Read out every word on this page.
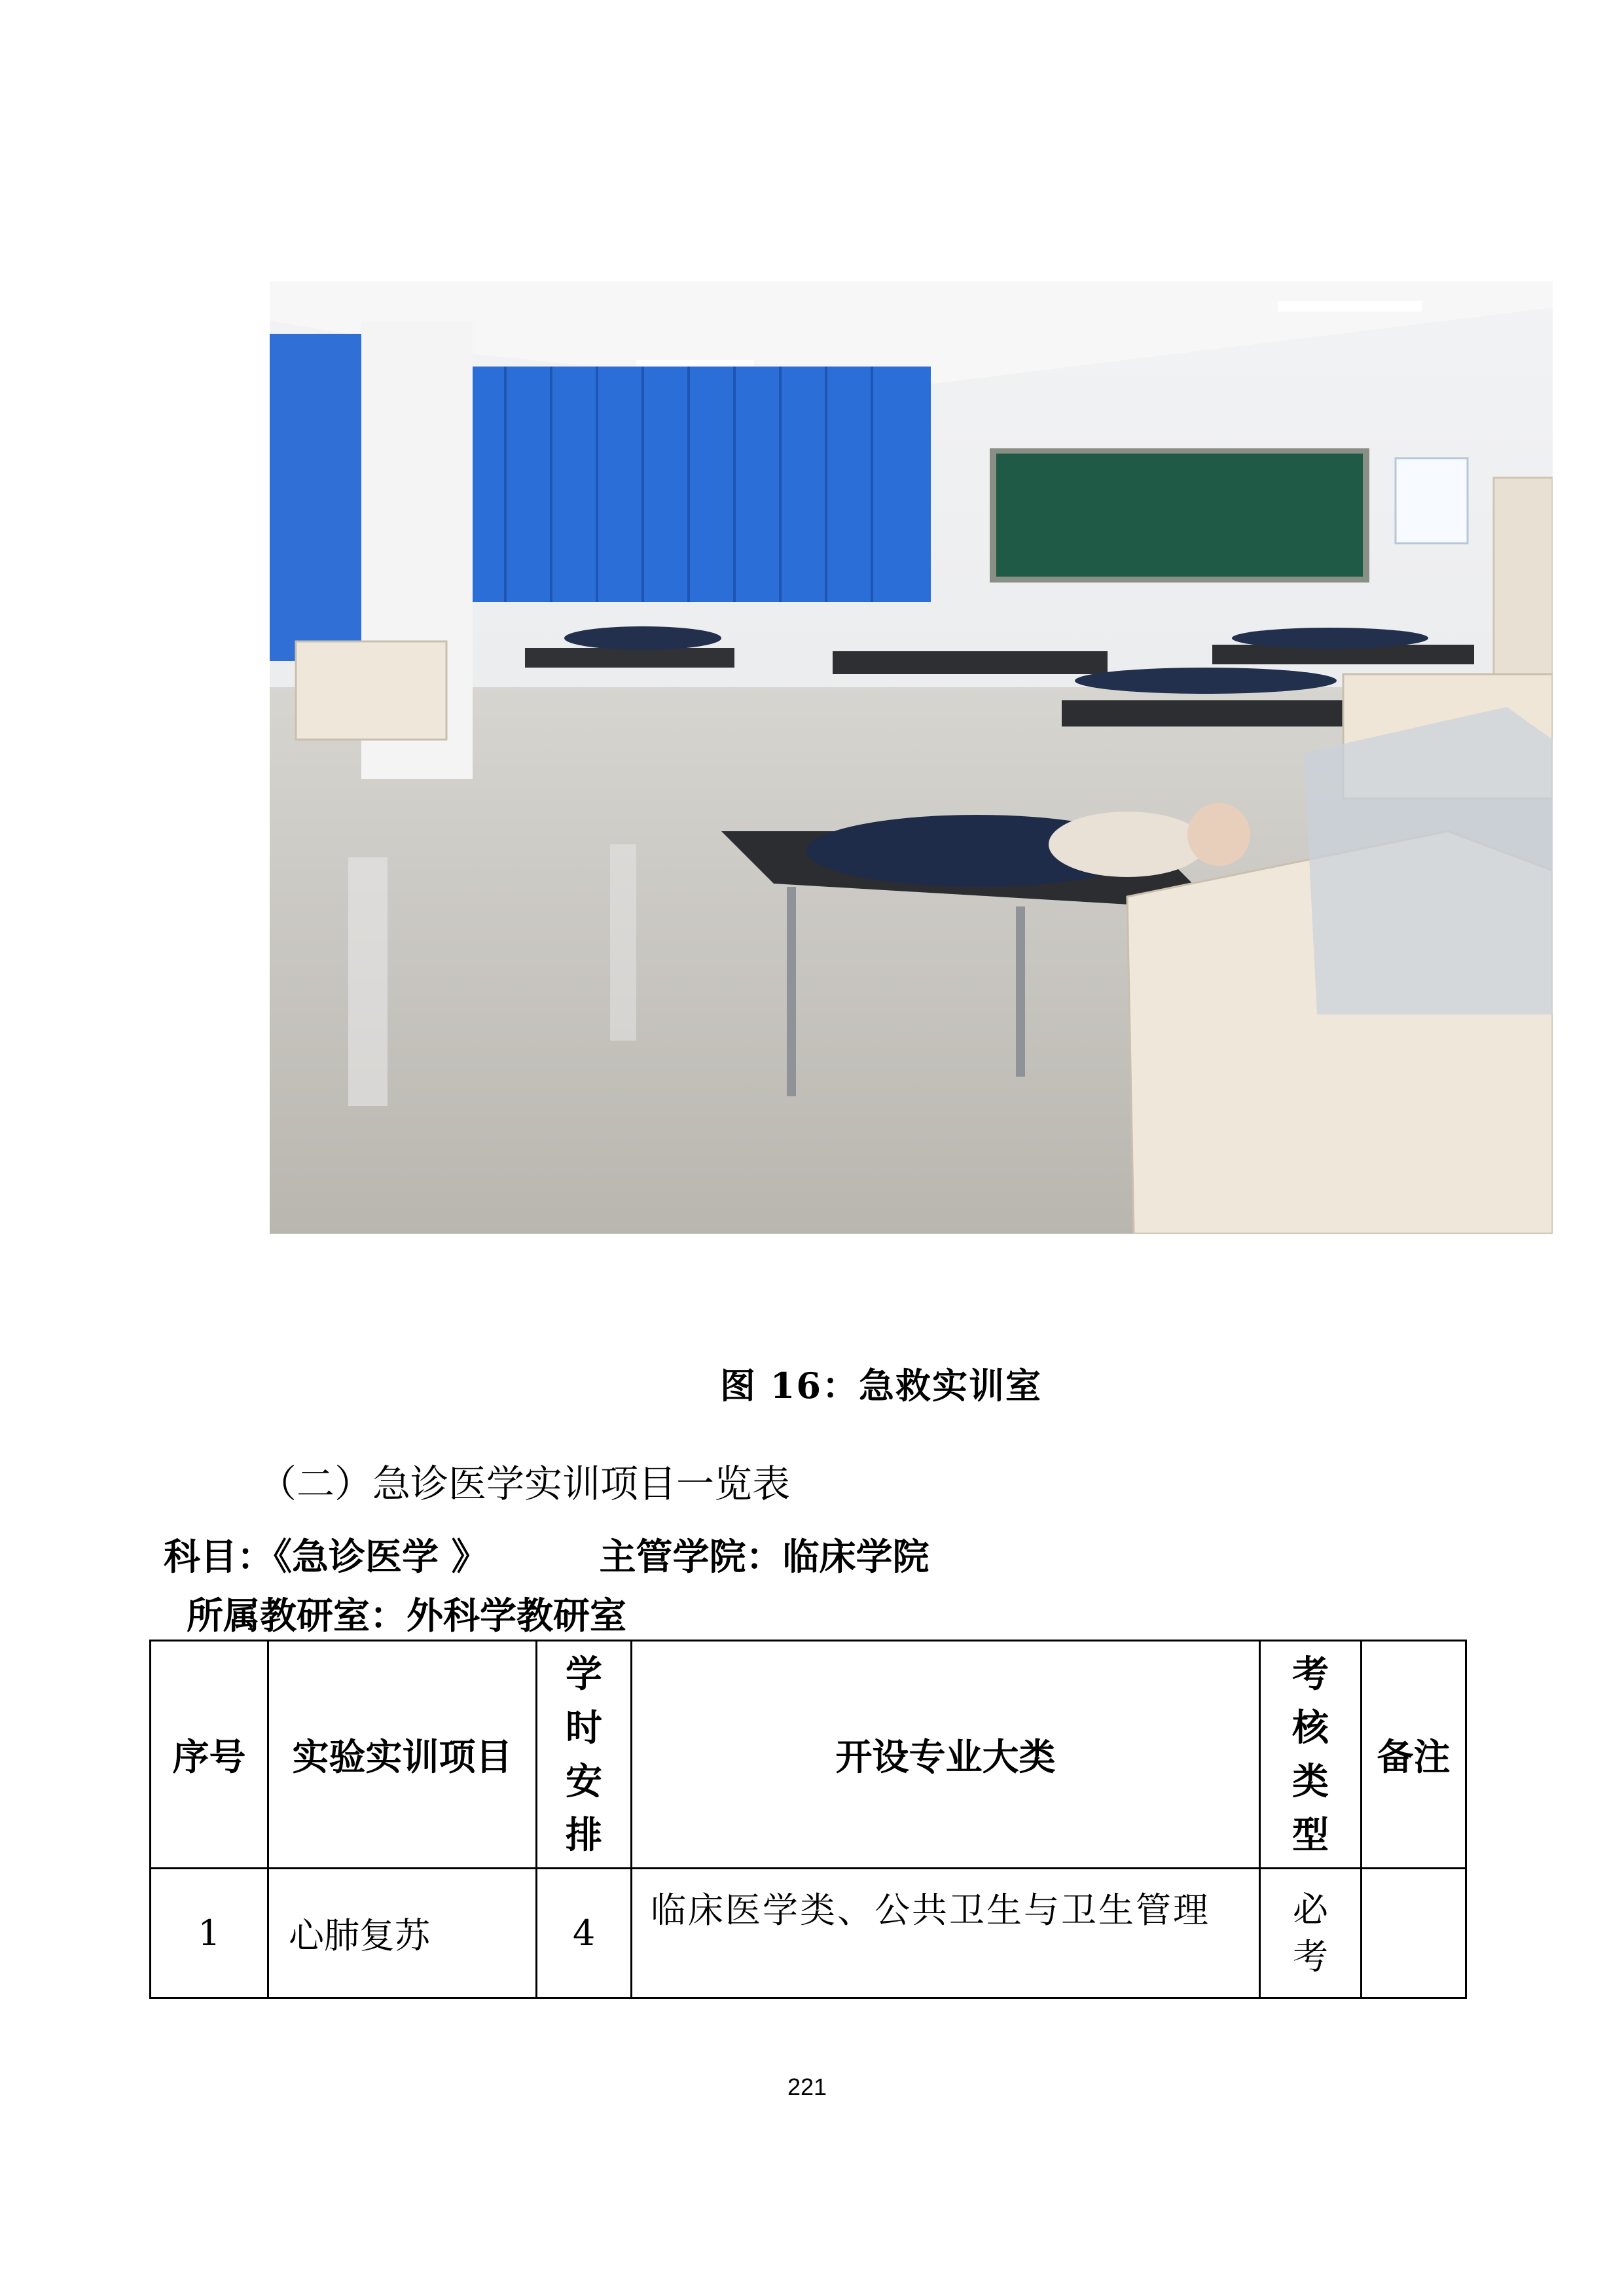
图 16：急救实训室
（二）急诊医学实训项目一览表
科目：《急诊医学 》	主管学院：临床学院
所属教研室：外科学教研室
序号	实验实训项目	学
时
安
排	开设专业大类	考
核
类
型	备注
1	心肺复苏	4	临床医学类、公共卫生与卫生管理	必
考	

221
